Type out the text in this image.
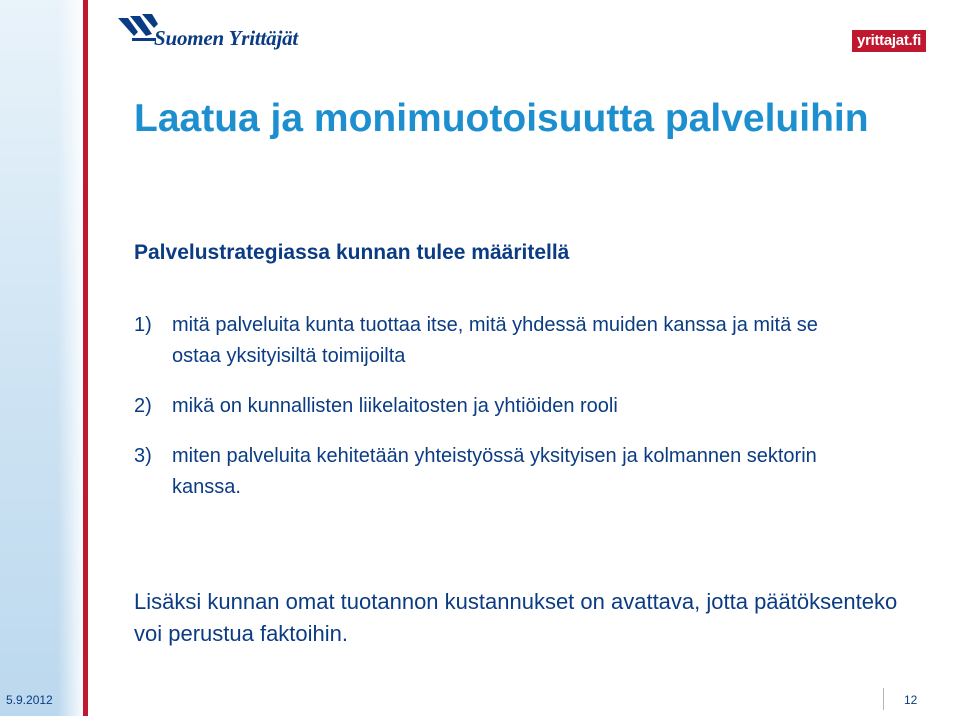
Suomen Yrittäjät	yrittajat.fi
Laatua ja monimuotoisuutta palveluihin

Palvelustrategiassa kunnan tulee määritellä

1)	mitä palveluita kunta tuottaa itse, mitä yhdessä muiden kanssa ja mitä se ostaa yksityisiltä toimijoilta
2)	mikä on kunnallisten liikelaitosten ja yhtiöiden rooli
3)	miten palveluita kehitetään yhteistyössä yksityisen ja kolmannen sektorin kanssa.

Lisäksi kunnan omat tuotannon kustannukset on avattava, jotta päätöksenteko voi perustua faktoihin.

5.9.2012	12
